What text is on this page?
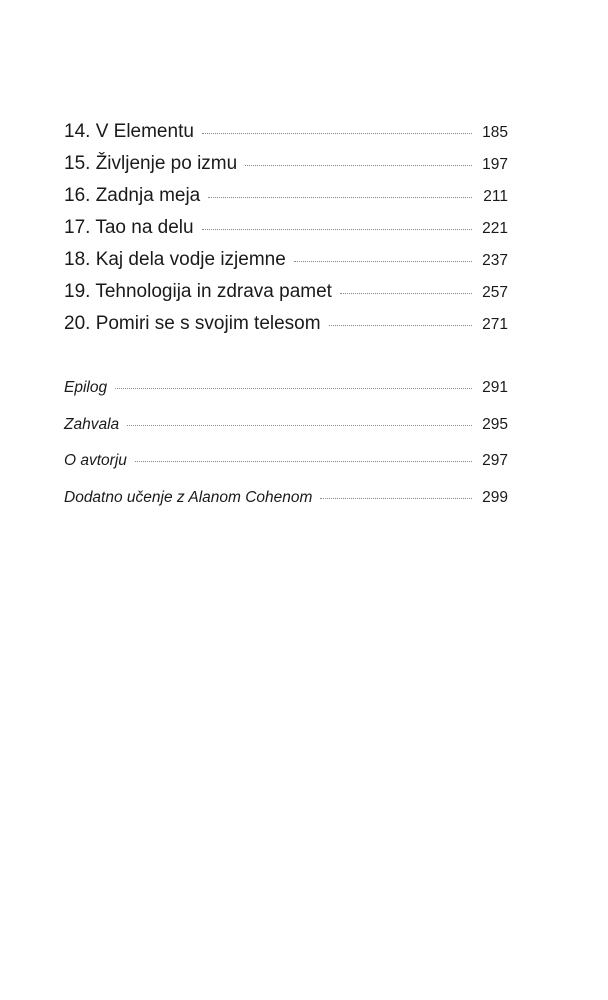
14. V Elementu	185
15. Življenje po izmu	197
16. Zadnja meja	211
17. Tao na delu	221
18. Kaj dela vodje izjemne	237
19. Tehnologija in zdrava pamet	257
20. Pomiri se s svojim telesom	271
Epilog	291
Zahvala	295
O avtorju	297
Dodatno učenje z Alanom Cohenom	299
